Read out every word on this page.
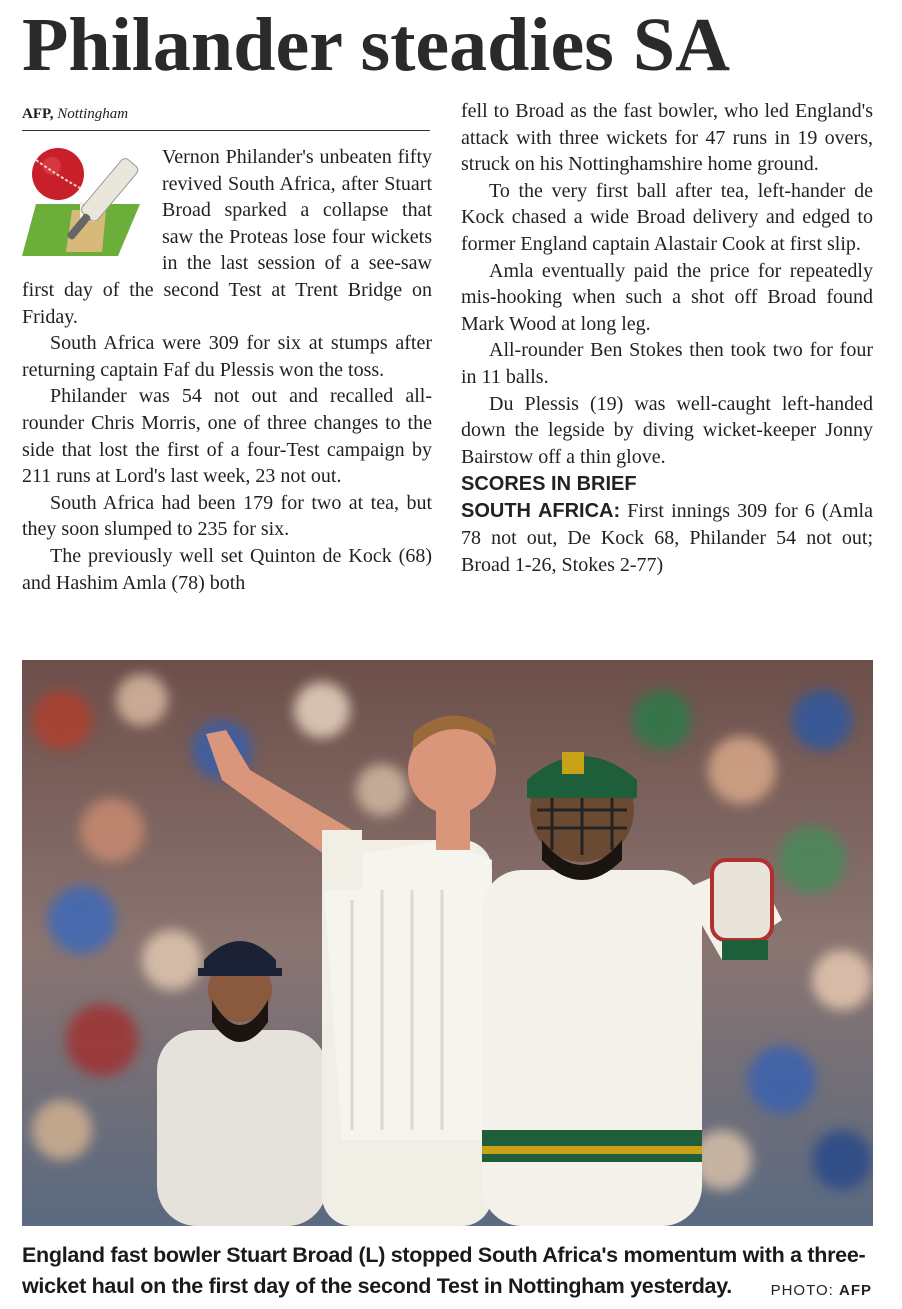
Philander steadies SA
AFP, Nottingham

Vernon Philander's unbeaten fifty revived South Africa, after Stuart Broad sparked a collapse that saw the Proteas lose four wickets in the last session of a see-saw first day of the second Test at Trent Bridge on Friday.

South Africa were 309 for six at stumps after returning captain Faf du Plessis won the toss.

Philander was 54 not out and recalled all-rounder Chris Morris, one of three changes to the side that lost the first of a four-Test campaign by 211 runs at Lord's last week, 23 not out.

South Africa had been 179 for two at tea, but they soon slumped to 235 for six.

The previously well set Quinton de Kock (68) and Hashim Amla (78) both

fell to Broad as the fast bowler, who led England's attack with three wickets for 47 runs in 19 overs, struck on his Nottinghamshire home ground.

To the very first ball after tea, left-hander de Kock chased a wide Broad delivery and edged to former England captain Alastair Cook at first slip.

Amla eventually paid the price for repeatedly mis-hooking when such a shot off Broad found Mark Wood at long leg.

All-rounder Ben Stokes then took two for four in 11 balls.

Du Plessis (19) was well-caught left-handed down the legside by diving wicket-keeper Jonny Bairstow off a thin glove.

SCORES IN BRIEF

SOUTH AFRICA: First innings 309 for 6 (Amla 78 not out, De Kock 68, Philander 54 not out; Broad 1-26, Stokes 2-77)

England fast bowler Stuart Broad (L) stopped South Africa's momentum with a three-wicket haul on the first day of the second Test in Nottingham yesterday.	PHOTO: AFP
